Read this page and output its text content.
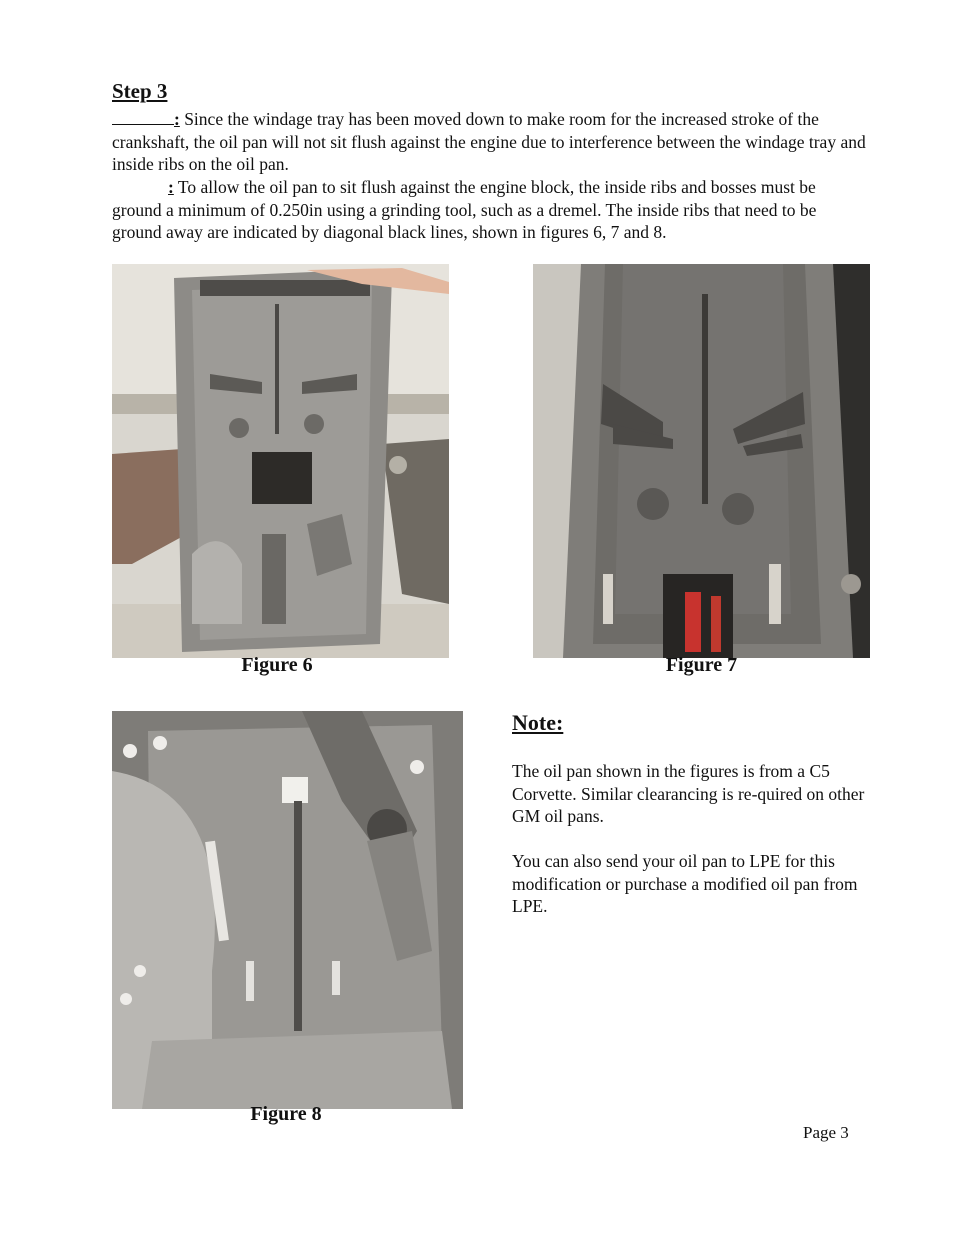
Step 3
: Since the windage tray has been moved down to make room for the increased stroke of the crankshaft, the oil pan will not sit flush against the engine due to interference between the windage tray and inside ribs on the oil pan.
: To allow the oil pan to sit flush against the engine block, the inside ribs and bosses must be ground a minimum of 0.250in using a grinding tool, such as a dremel. The inside ribs that need to be ground away are indicated by diagonal black lines, shown in figures 6, 7 and 8.
Figure 6	Figure 7
Figure 8
Note:
The oil pan shown in the figures is from a C5 Corvette. Similar clearancing is re-quired on other GM oil pans.
You can also send your oil pan to LPE for this modification or purchase a modified oil pan from LPE.
Page 3
